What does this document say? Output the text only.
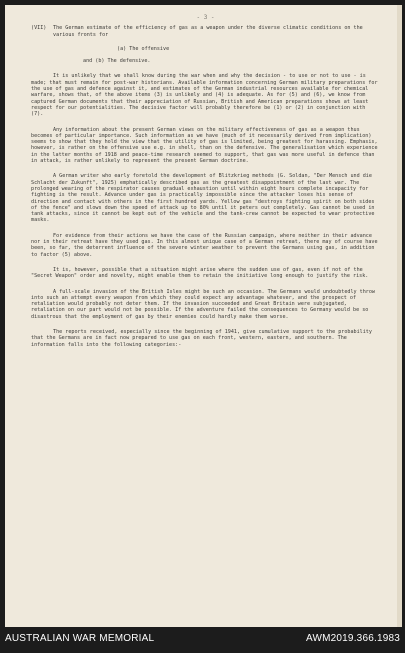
- 3 -
(VII) The German estimate of the efficiency of gas as a weapon under the diverse climatic conditions on the various fronts for
(a) The offensive
and (b) The defensive.

It is unlikely that we shall know during the war when and why the decision - to use or not to use - is made; that must remain for post-war historians. Available information concerning German military preparations for the use of gas and defence against it, and estimates of the German industrial resources available for chemical warfare, shows that, of the above items (3) is unlikely and (4) is adequate. As for (5) and (6), we know from captured German documents that their appreciation of Russian, British and American preparations shows at least respect for our potentialities. The decisive factor will probably therefore be (1) or (2) in conjunction with (7).

Any information about the present German views on the military effectiveness of gas as a weapon thus becomes of particular importance. Such information as we have (much of it necessarily derived from implication) seems to show that they hold the view that the utility of gas is limited, being greatest for harassing. Emphasis, however, is rather on the offensive use e.g. in shell, than on the defensive. The generalisation which experience in the latter months of 1918 and peace-time research seemed to support, that gas was more useful in defence than in attack, is rather unlikely to represent the present German doctrine.

A German writer who early foretold the development of Blitzkrieg methods (G. Soldan, "Der Mensch und die Schlacht der Zukunft", 1925) emphatically described gas as the greatest disappointment of the last war. The prolonged wearing of the respirator causes gradual exhaustion until within eight hours complete incapacity for fighting is the result. Advance under gas is practically impossible since the attacker loses his sense of direction and contact with others in the first hundred yards. Yellow gas "destroys fighting spirit on both sides of the fence" and slows down the speed of attack up to 80% until it peters out completely. Gas cannot be used in tank attacks, since it cannot be kept out of the vehicle and the tank-crew cannot be expected to wear protective masks.

For evidence from their actions we have the case of the Russian campaign, where neither in their advance nor in their retreat have they used gas. In this almost unique case of a German retreat, there may of course have been, so far, the deterrent influence of the severe winter weather to prevent the Germans using gas, in addition to factor (5) above.

It is, however, possible that a situation might arise where the sudden use of gas, even if not of the "Secret Weapon" order and novelty, might enable them to retain the initiative long enough to justify the risk.

A full-scale invasion of the British Isles might be such an occasion. The Germans would undoubtedly throw into such an attempt every weapon from which they could expect any advantage whatever, and the prospect of retaliation would probably not deter them. If the invasion succeeded and Great Britain were subjugated, retaliation on our part would not be possible. If the adventure failed the consequences to Germany would be so disastrous that the employment of gas by their enemies could hardly make them worse.

The reports received, especially since the beginning of 1941, give cumulative support to the probability that the Germans are in fact now prepared to use gas on each front, western, eastern, and southern. The information falls into the following categories:-

AUSTRALIAN WAR MEMORIAL	AWM2019.366.1983
